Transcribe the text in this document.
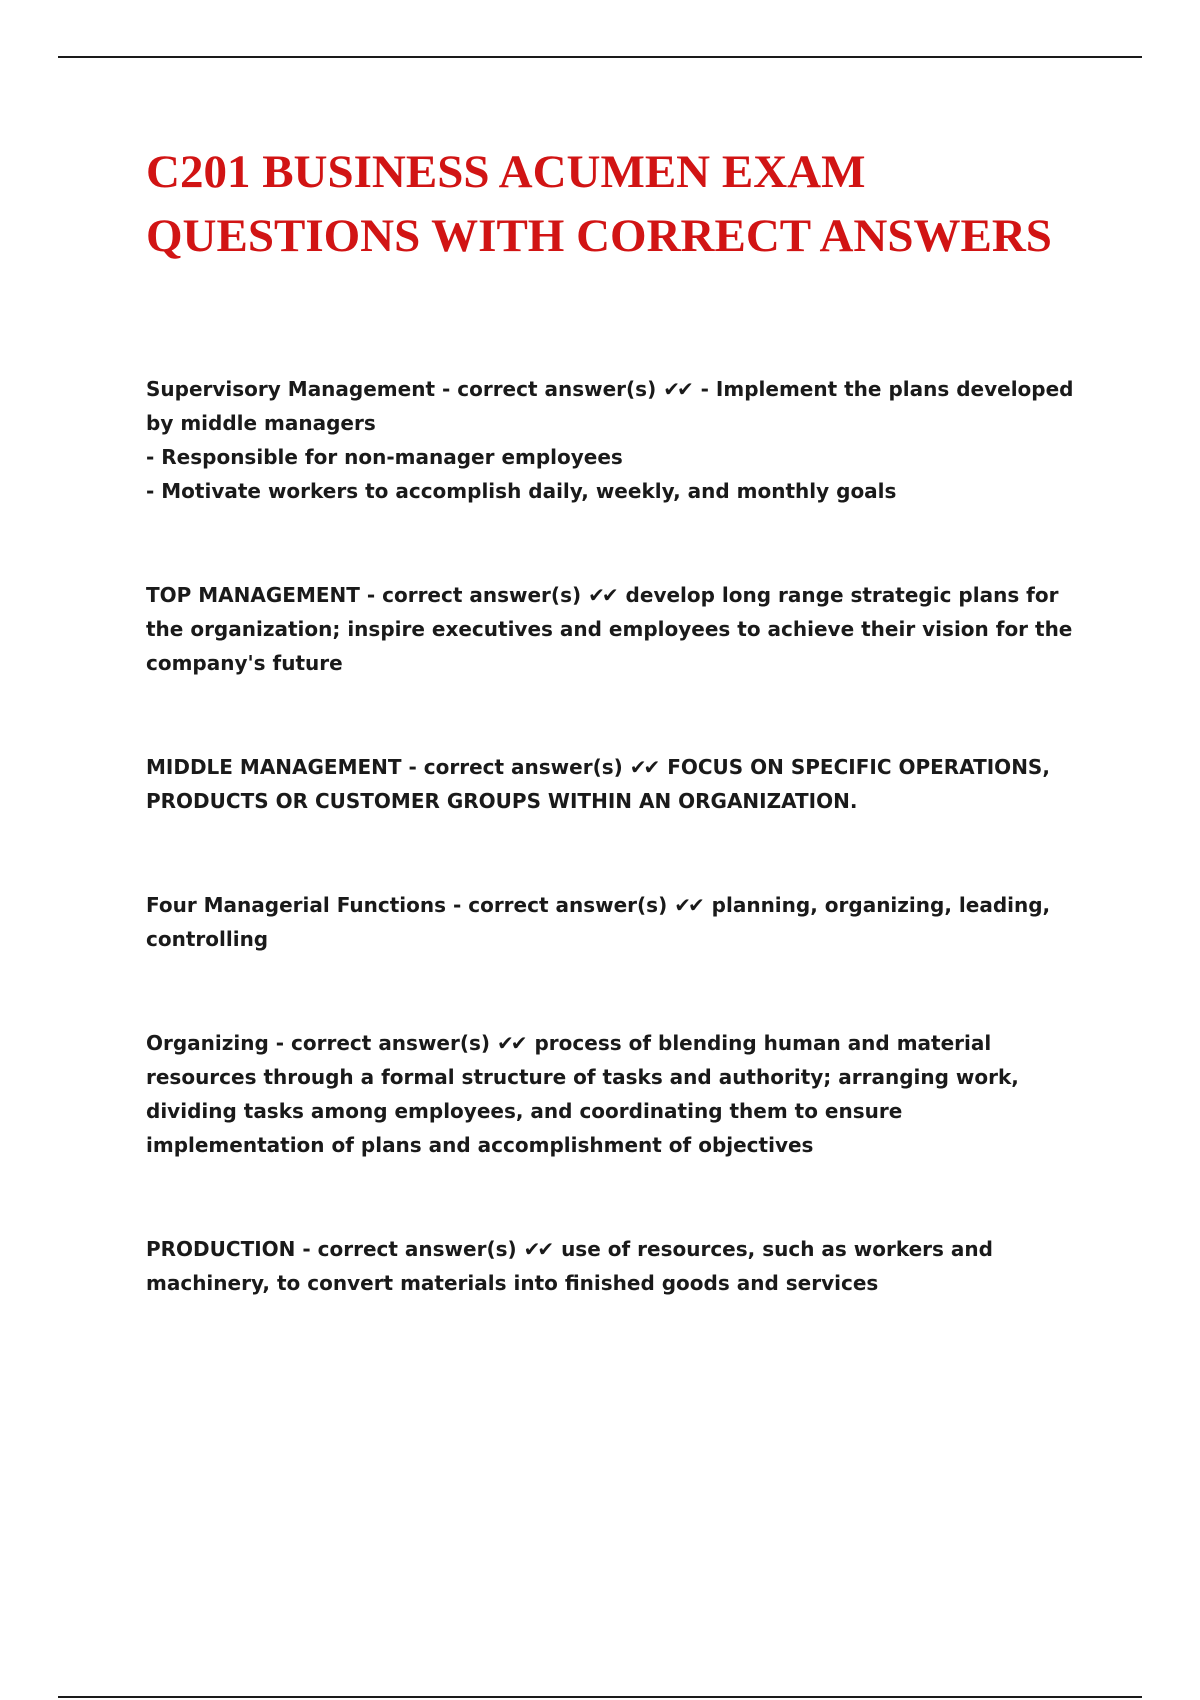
C201 BUSINESS ACUMEN EXAM
QUESTIONS WITH CORRECT ANSWERS

Supervisory Management - correct answer(s) ✔✔ - Implement the plans developed by middle managers

- Responsible for non-manager employees

- Motivate workers to accomplish daily, weekly, and monthly goals

TOP MANAGEMENT - correct answer(s) ✔✔ develop long range strategic plans for the organization; inspire executives and employees to achieve their vision for the company's future

MIDDLE MANAGEMENT - correct answer(s) ✔✔ FOCUS ON SPECIFIC OPERATIONS, PRODUCTS OR CUSTOMER GROUPS WITHIN AN ORGANIZATION.

Four Managerial Functions - correct answer(s) ✔✔ planning, organizing, leading, controlling

Organizing - correct answer(s) ✔✔ process of blending human and material resources through a formal structure of tasks and authority; arranging work, dividing tasks among employees, and coordinating them to ensure implementation of plans and accomplishment of objectives

PRODUCTION - correct answer(s) ✔✔ use of resources, such as workers and machinery, to convert materials into finished goods and services
